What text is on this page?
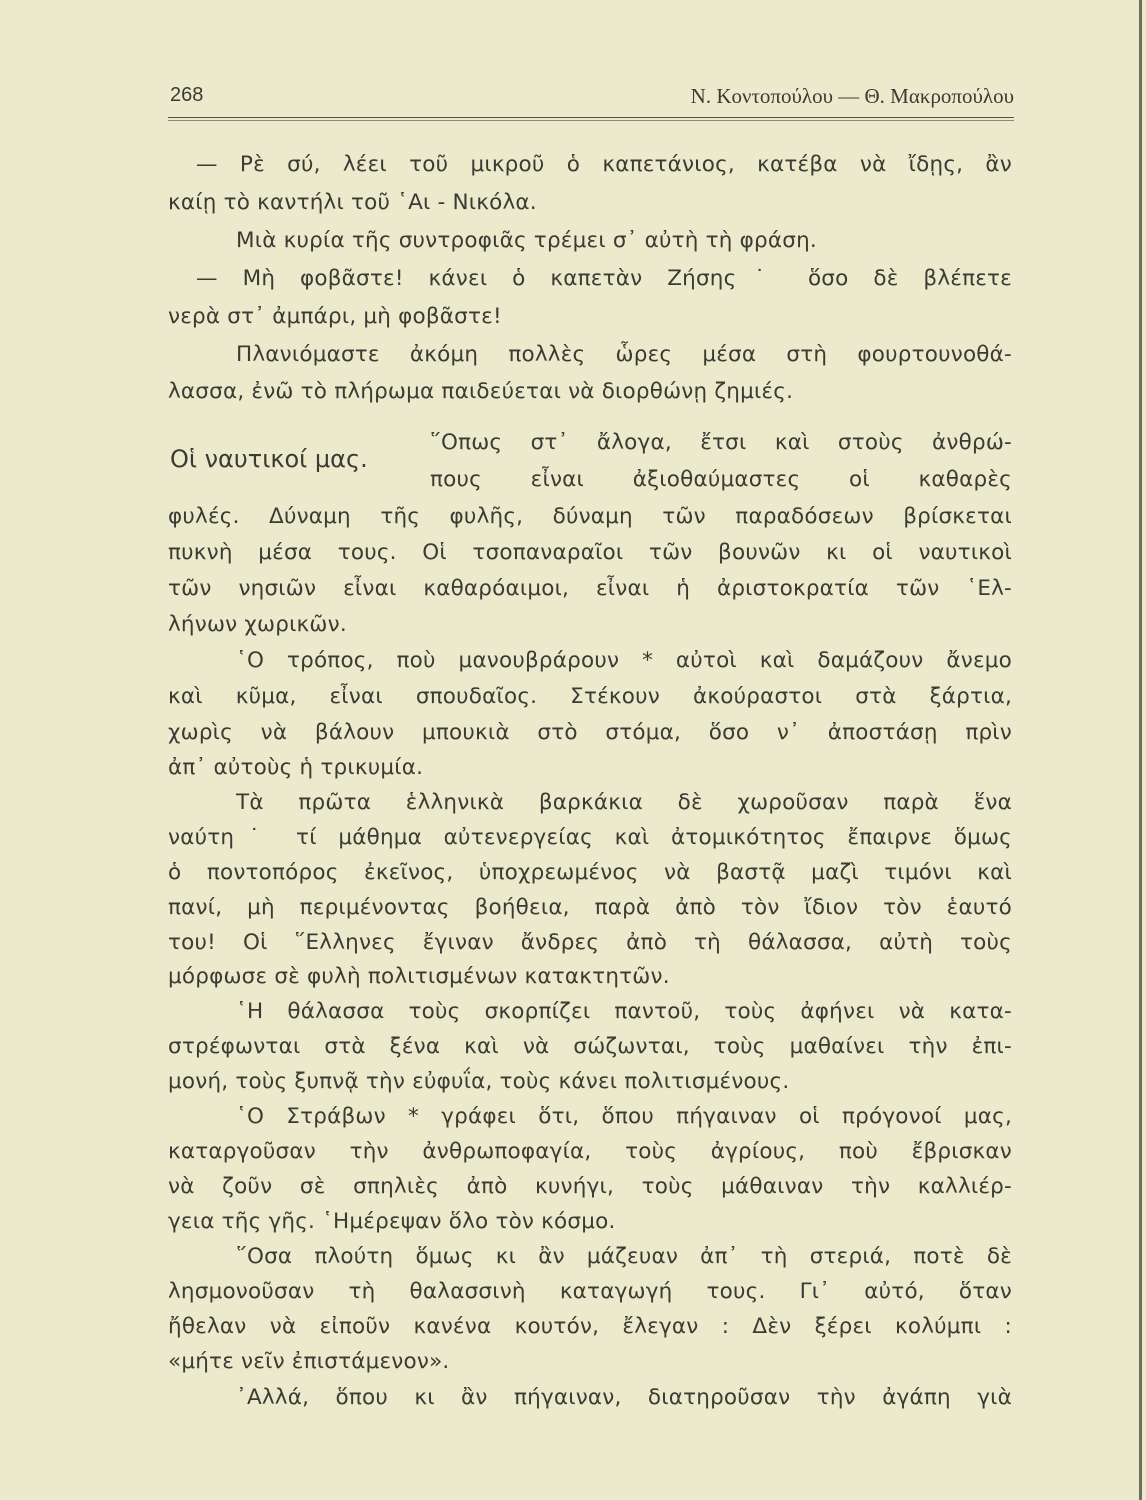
268	Ν. Κοντοπούλου — Θ. Μακροπούλου
Οἱ ναυτικοί μας.
— Ρὲ σύ, λέει τοῦ μικροῦ ὁ καπετάνιος, κατέβα νὰ ἴδῃς, ἂν
καίῃ τὸ καντήλι τοῦ ῾Αι - Νικόλα.
Μιὰ κυρία τῆς συντροφιᾶς τρέμει σ᾽ αὐτὴ τὴ φράση.
— Μὴ φοβᾶστε! κάνει ὁ καπετὰν Ζήσης˙ ὅσο δὲ βλέπετε
νερὰ στ᾽ ἀμπάρι, μὴ φοβᾶστε!
Πλανιόμαστε ἀκόμη πολλὲς ὧρες μέσα στὴ φουρτουνοθά-
λασσα, ἐνῶ τὸ πλήρωμα παιδεύεται νὰ διορθώνῃ ζημιές.
῞Οπως στ᾽ ἄλογα, ἔτσι καὶ στοὺς ἀνθρώ-
πους εἶναι ἀξιοθαύμαστες οἱ καθαρὲς
φυλές. Δύναμη τῆς φυλῆς, δύναμη τῶν παραδόσεων βρίσκεται
πυκνὴ μέσα τους. Οἱ τσοπαναραῖοι τῶν βουνῶν κι οἱ ναυτικοὶ
τῶν νησιῶν εἶναι καθαρόαιμοι, εἶναι ἡ ἀριστοκρατία τῶν ῾Ελ-
λήνων χωρικῶν.
῾Ο τρόπος, ποὺ μανουβράρουν * αὐτοὶ καὶ δαμάζουν ἄνεμο
καὶ κῦμα, εἶναι σπουδαῖος. Στέκουν ἀκούραστοι στὰ ξάρτια,
χωρὶς νὰ βάλουν μπουκιὰ στὸ στόμα, ὅσο ν᾽ ἀποστάσῃ πρὶν
ἀπ᾽ αὐτοὺς ἡ τρικυμία.
Τὰ πρῶτα ἑλληνικὰ βαρκάκια δὲ χωροῦσαν παρὰ ἕνα
ναύτη˙ τί μάθημα αὐτενεργείας καὶ ἀτομικότητος ἔπαιρνε ὅμως
ὁ ποντοπόρος ἐκεῖνος, ὑποχρεωμένος νὰ βαστᾷ μαζὶ τιμόνι καὶ
πανί, μὴ περιμένοντας βοήθεια, παρὰ ἀπὸ τὸν ἴδιον τὸν ἑαυτό
του! Οἱ ῞Ελληνες ἔγιναν ἄνδρες ἀπὸ τὴ θάλασσα, αὐτὴ τοὺς
μόρφωσε σὲ φυλὴ πολιτισμένων κατακτητῶν.
῾Η θάλασσα τοὺς σκορπίζει παντοῦ, τοὺς ἀφήνει νὰ κατα-
στρέφωνται στὰ ξένα καὶ νὰ σώζωνται, τοὺς μαθαίνει τὴν ἐπι-
μονή, τοὺς ξυπνᾷ τὴν εὐφυΐα, τοὺς κάνει πολιτισμένους.
῾Ο Στράβων * γράφει ὅτι, ὅπου πήγαιναν οἱ πρόγονοί μας,
καταργοῦσαν τὴν ἀνθρωποφαγία, τοὺς ἀγρίους, ποὺ ἔβρισκαν
νὰ ζοῦν σὲ σπηλιὲς ἀπὸ κυνήγι, τοὺς μάθαιναν τὴν καλλιέρ-
γεια τῆς γῆς. ῾Ημέρεψαν ὅλο τὸν κόσμο.
῞Οσα πλούτη ὅμως κι ἂν μάζευαν ἀπ᾽ τὴ στεριά, ποτὲ δὲ
λησμονοῦσαν τὴ θαλασσινὴ καταγωγή τους. Γι᾽ αὐτό, ὅταν
ἤθελαν νὰ εἰποῦν κανένα κουτόν, ἔλεγαν : Δὲν ξέρει κολύμπι :
«μήτε νεῖν ἐπιστάμενον».
᾿Αλλά, ὅπου κι ἂν πήγαιναν, διατηροῦσαν τὴν ἀγάπη γιὰ
